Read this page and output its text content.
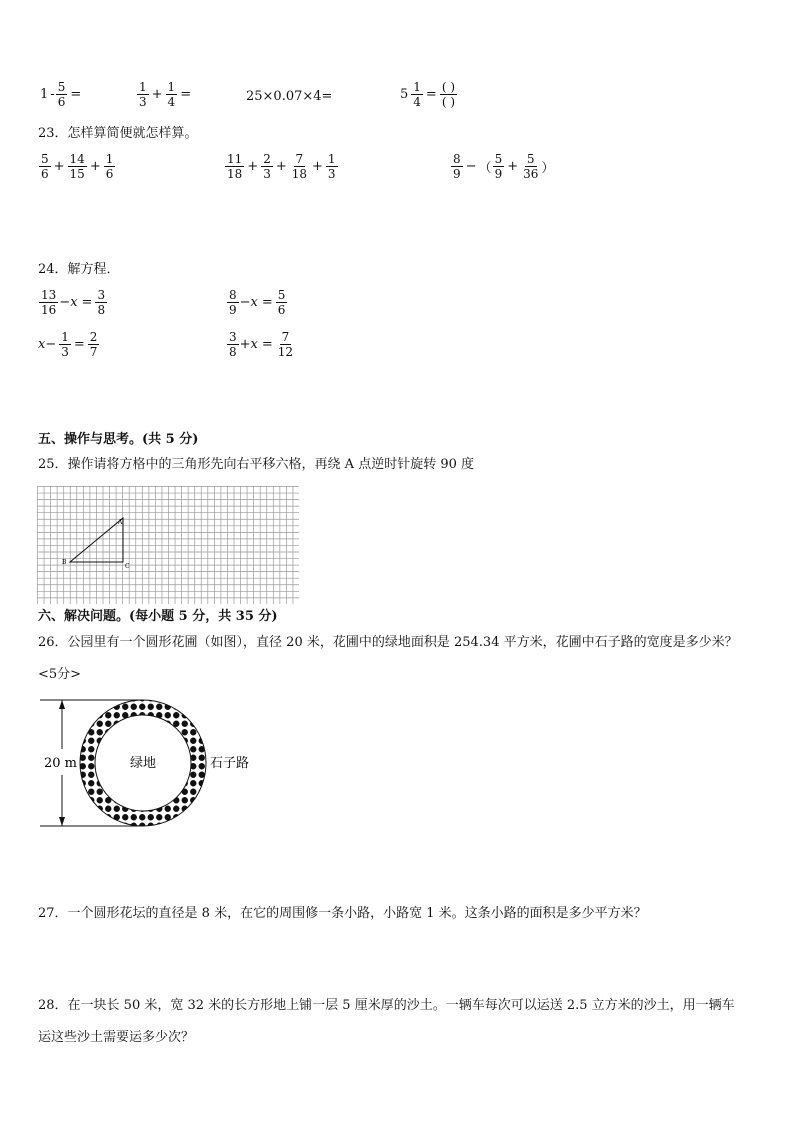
$1 - \frac{5}{6}$ =	$\frac{1}{3} + \frac{1}{4}$ =	25×0.07×4=	$5 \frac{1}{4} = \frac{( )}{( )}$
23．怎样算简便就怎样算。
$\frac{5}{6} + \frac{14}{15} + \frac{1}{6}$	$\frac{11}{18} + \frac{2}{3} + \frac{7}{18} + \frac{1}{3}$	$\frac{8}{9}$ − （ $\frac{5}{9} + \frac{5}{36}$ ）
24．解方程．
$\frac{13}{16} - x = \frac{3}{8}$	$\frac{8}{9} - x = \frac{5}{6}$
$x - \frac{1}{3} = \frac{2}{7}$	$\frac{3}{8} + x = \frac{7}{12}$
五、操作与思考。(共 5 分)
25．操作请将方格中的三角形先向右平移六格，再绕 A 点逆时针旋转 90 度
A
B
C
六、解决问题。(每小题 5 分，共 35 分)
26．公园里有一个圆形花圃（如图），直径 20 米，花圃中的绿地面积是 254.34 平方米，花圃中石子路的宽度是多少米？
<5分>
20 m	绿地	石子路
27．一个圆形花坛的直径是 8 米，在它的周围修一条小路，小路宽 1 米。这条小路的面积是多少平方米？
28．在一块长 50 米，宽 32 米的长方形地上铺一层 5 厘米厚的沙土。一辆车每次可以运送 2.5 立方米的沙土，用一辆车
运这些沙土需要运多少次？
